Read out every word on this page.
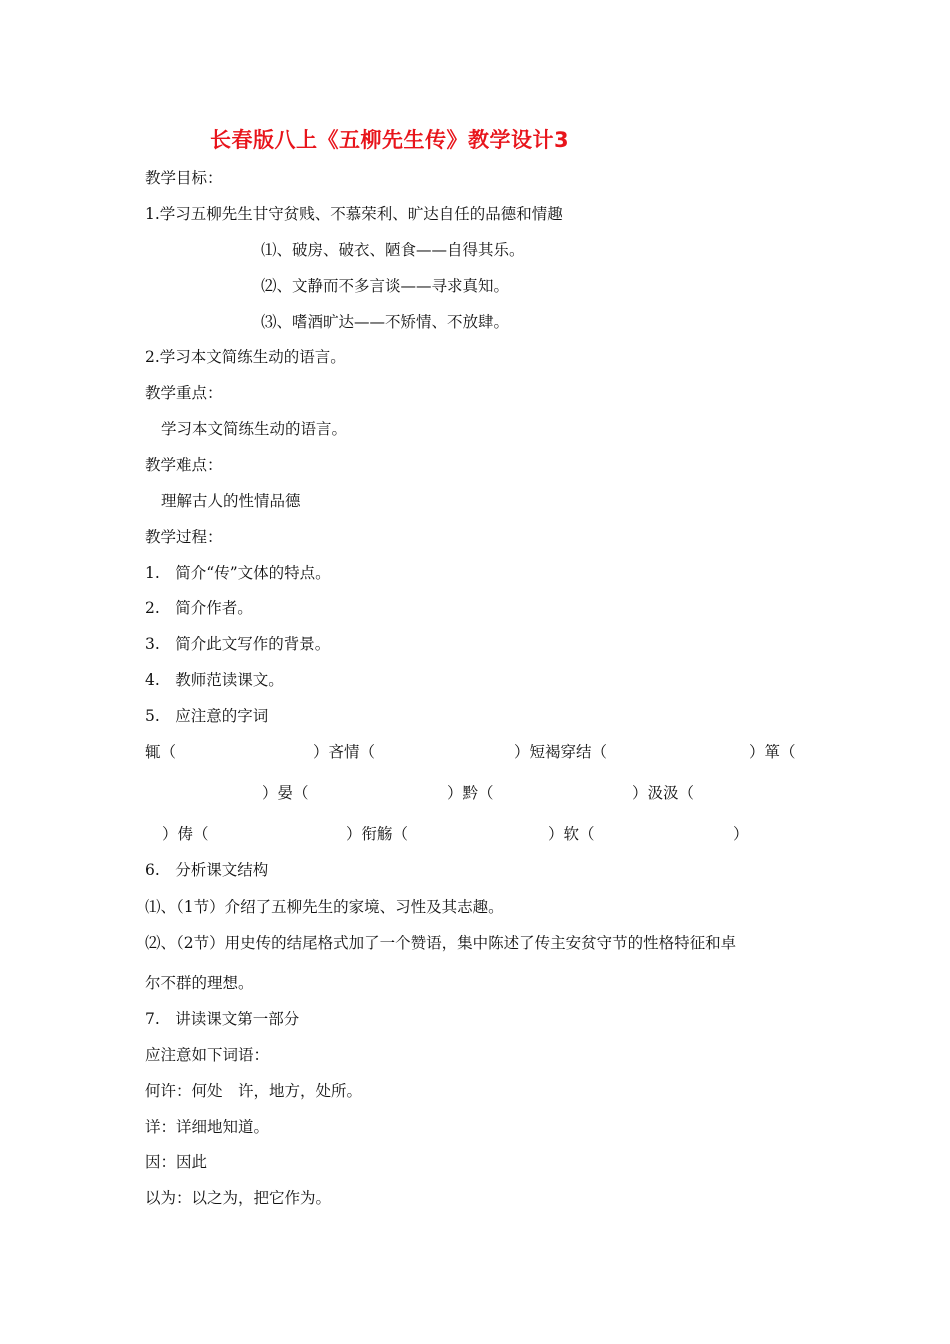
长春版八上《五柳先生传》教学设计3
教学目标：
1.学习五柳先生甘守贫贱、不慕荣利、旷达自任的品德和情趣
⑴、破房、破衣、陋食——自得其乐。
⑵、文静而不多言谈——寻求真知。
⑶、嗜酒旷达——不矫情、不放肆。
2.学习本文简练生动的语言。
教学重点：
学习本文简练生动的语言。
教学难点：
理解古人的性情品德
教学过程：
1.　简介“传”文体的特点。
2.　简介作者。
3.　简介此文写作的背景。
4.　教师范读课文。
5.　应注意的字词
辄（	）吝情（	）短褐穿结（	）箪（
）晏（	）黔（	）汲汲（
）俦（	）衔觞（	）软（	）
6.　分析课文结构
⑴、（1节）介绍了五柳先生的家境、习性及其志趣。
⑵、（2节）用史传的结尾格式加了一个赞语，集中陈述了传主安贫守节的性格特征和卓
尔不群的理想。
7.　讲读课文第一部分
应注意如下词语：
何许：何处　许，地方，处所。
详：详细地知道。
因：因此
以为：以之为，把它作为。
